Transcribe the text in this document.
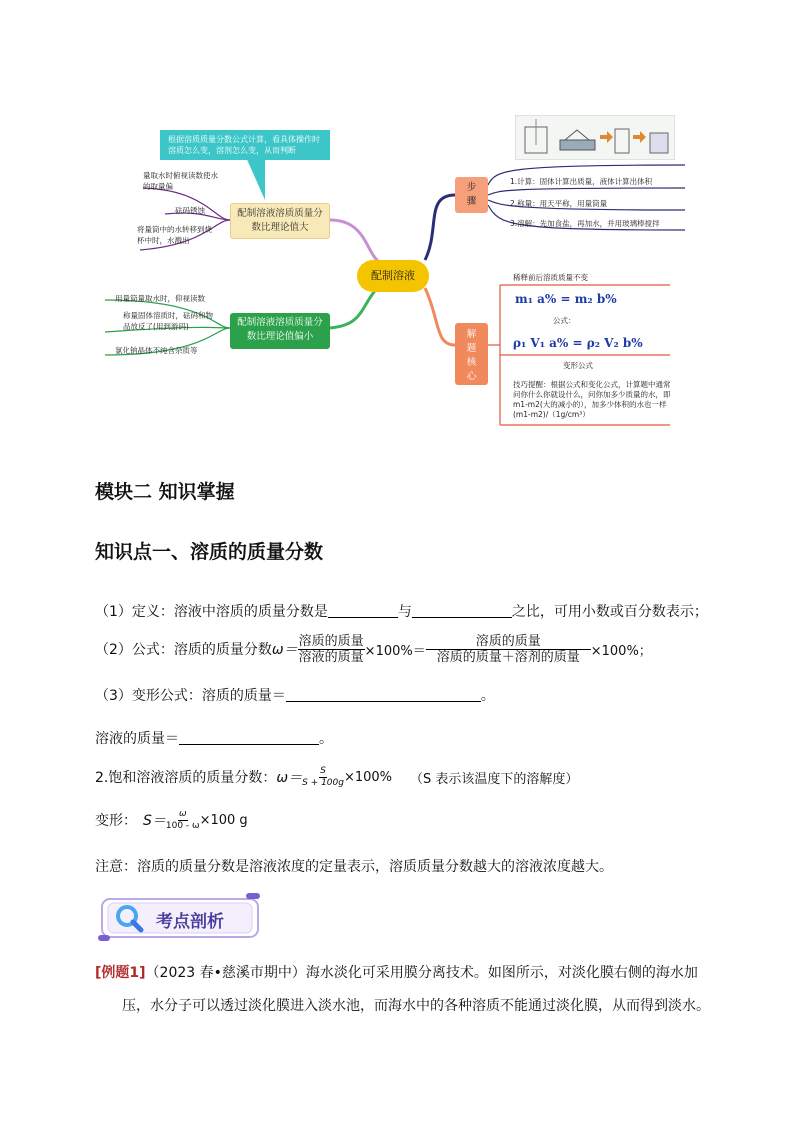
根据溶质质量分数公式计算，看具体操作时溶质怎么变，溶剂怎么变，从而判断
配制溶液
配制溶液溶质质量分数比理论值大
配制溶液溶质质量分数比理论值偏小
步骤
解题核心
量取水时俯视读数使水的取量偏
砝码锈蚀
将量筒中的水转移到烧杯中时，水溅出
用量筒量取水时，仰视读数
称量固体溶质时，砝码和物品放反了(用到游码)
氯化钠晶体不纯含杂质等
1.计算：固体计算出质量，液体计算出体积
2.称量：用天平称，用量筒量
3.溶解：先加食盐，再加水，并用玻璃棒搅拌
稀释前后溶质质量不变
m₁ a% = m₂ b%
公式：
ρ₁ V₁ a% = ρ₂ V₂ b%
变形公式
技巧提醒：根据公式和变化公式，计算题中通常问你什么你就设什么，问你加多少质量的水，即m1-m2(大的减小的），加多少体积的水也一样(m1-m2)/（1g/cm³）
模块二 知识掌握
知识点一、溶质的质量分数
（1）定义：溶液中溶质的质量分数是	与	之比，可用小数或百分数表示；
（2）公式：溶质的质量分数 $\omega= \frac{\text{溶质的质量}}{\text{溶液的质量}} \times 100\%= \frac{\text{溶质的质量}}{\text{溶质的质量＋溶剂的质量}} \times 100\%$；
（3）变形公式：溶质的质量＝	。
溶液的质量＝	。
2.饱和溶液溶质的质量分数： $\omega= \frac{S}{S + 100g} \times 100\%$ （S 表示该温度下的溶解度）
变形： $S= \frac{\omega}{100 - \omega} \times 100$ g
注意：溶质的质量分数是溶液浓度的定量表示，溶质质量分数越大的溶液浓度越大。
考点剖析
[例题1]（2023 春•慈溪市期中）海水淡化可采用膜分离技术。如图所示，对淡化膜右侧的海水加
压，水分子可以透过淡化膜进入淡水池，而海水中的各种溶质不能通过淡化膜，从而得到淡水。
